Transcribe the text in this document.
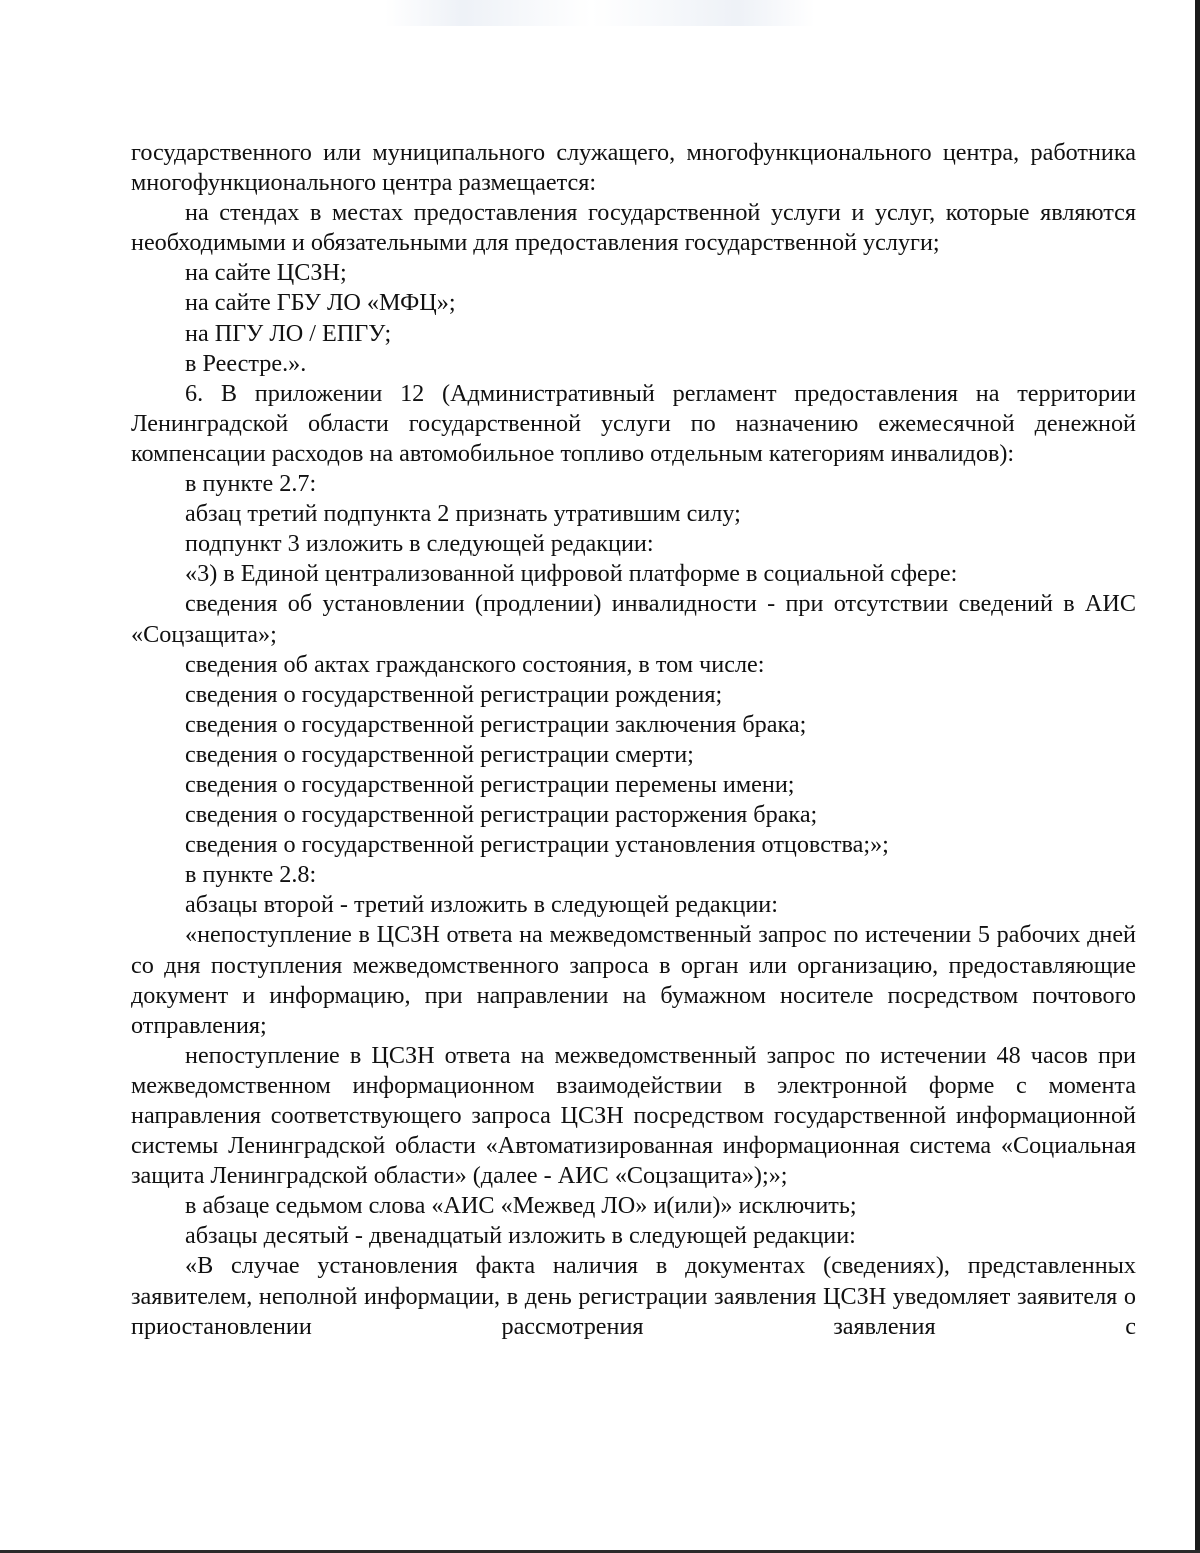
государственного или муниципального служащего, многофункционального центра, работника многофункционального центра размещается:

на стендах в местах предоставления государственной услуги и услуг, которые являются необходимыми и обязательными для предоставления государственной услуги;

на сайте ЦСЗН;

на сайте ГБУ ЛО «МФЦ»;

на ПГУ ЛО / ЕПГУ;

в Реестре.».

6. В приложении 12 (Административный регламент предоставления на территории Ленинградской области государственной услуги по назначению ежемесячной денежной компенсации расходов на автомобильное топливо отдельным категориям инвалидов):

в пункте 2.7:

абзац третий подпункта 2 признать утратившим силу;

подпункт 3 изложить в следующей редакции:

«3) в Единой централизованной цифровой платформе в социальной сфере:

сведения об установлении (продлении) инвалидности - при отсутствии сведений в АИС «Соцзащита»;

сведения об актах гражданского состояния, в том числе:

сведения о государственной регистрации рождения;

сведения о государственной регистрации заключения брака;

сведения о государственной регистрации смерти;

сведения о государственной регистрации перемены имени;

сведения о государственной регистрации расторжения брака;

сведения о государственной регистрации установления отцовства;»;

в пункте 2.8:

абзацы второй - третий изложить в следующей редакции:

«непоступление в ЦСЗН ответа на межведомственный запрос по истечении 5 рабочих дней со дня поступления межведомственного запроса в орган или организацию, предоставляющие документ и информацию, при направлении на бумажном носителе посредством почтового отправления;

непоступление в ЦСЗН ответа на межведомственный запрос по истечении 48 часов при межведомственном информационном взаимодействии в электронной форме с момента направления соответствующего запроса ЦСЗН посредством государственной информационной системы Ленинградской области «Автоматизированная информационная система «Социальная защита Ленинградской области» (далее - АИС «Соцзащита»);»;

в абзаце седьмом слова «АИС «Межвед ЛО» и(или)» исключить;

абзацы десятый - двенадцатый изложить в следующей редакции:

«В случае установления факта наличия в документах (сведениях), представленных заявителем, неполной информации, в день регистрации заявления ЦСЗН уведомляет заявителя о приостановлении рассмотрения заявления с
